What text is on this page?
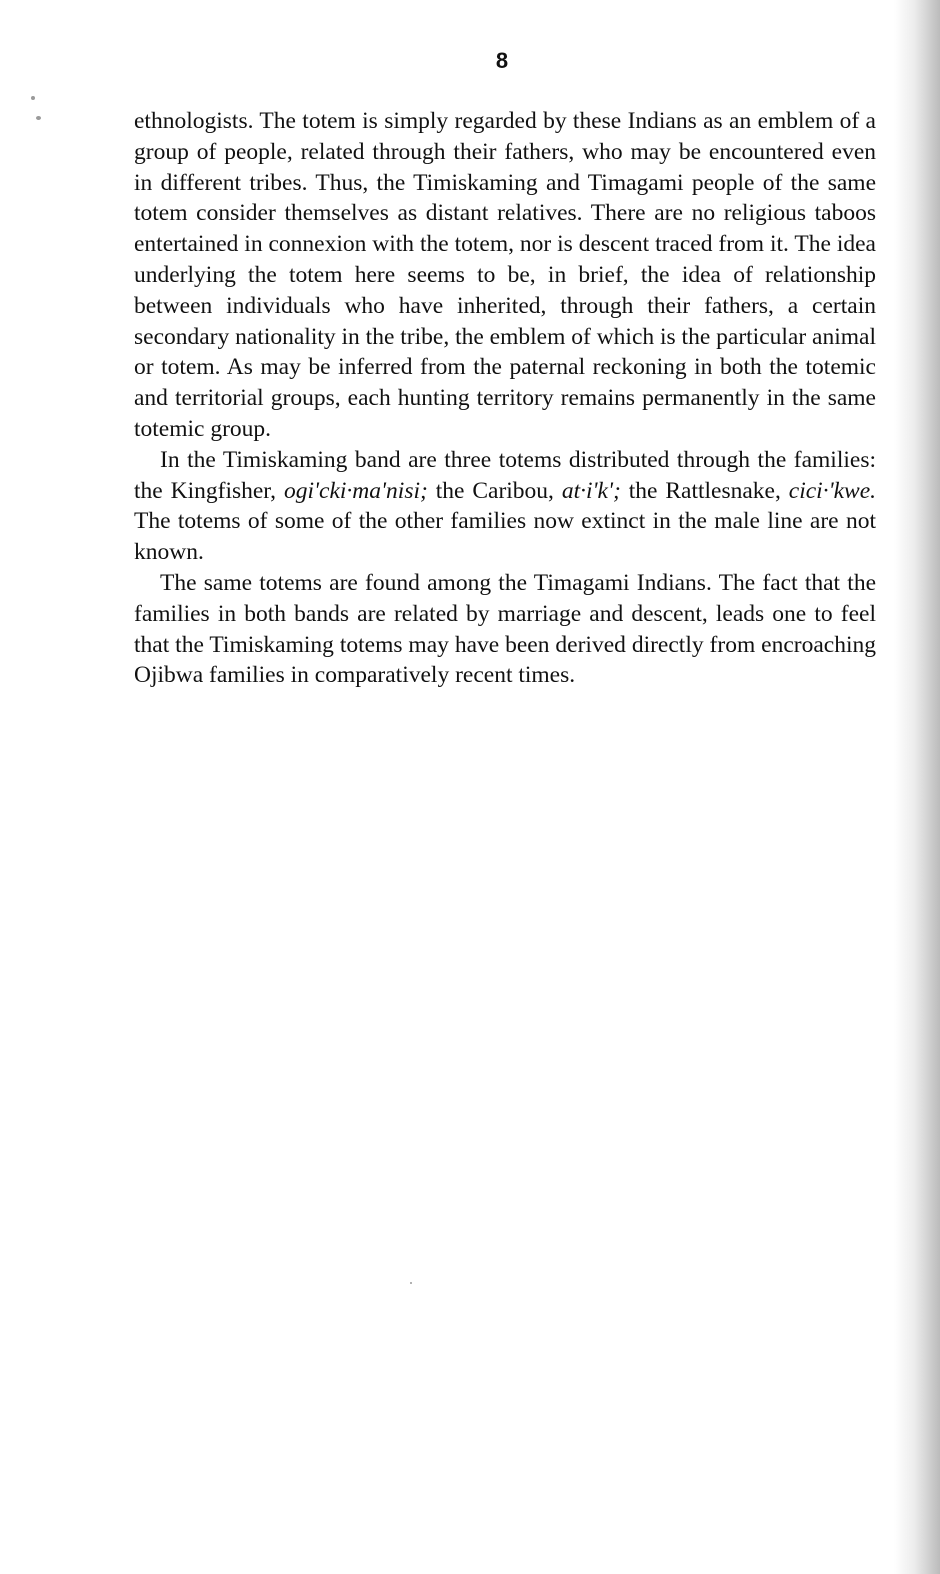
8

ethnologists. The totem is simply regarded by these Indians as an emblem of a group of people, related through their fathers, who may be encountered even in different tribes. Thus, the Timiskaming and Timagami people of the same totem consider themselves as distant relatives. There are no religious taboos entertained in connexion with the totem, nor is descent traced from it. The idea underlying the totem here seems to be, in brief, the idea of relationship between individuals who have inherited, through their fathers, a certain secondary nationality in the tribe, the emblem of which is the particular animal or totem. As may be inferred from the paternal reckoning in both the totemic and territorial groups, each hunting territory remains permanently in the same totemic group.

In the Timiskaming band are three totems distributed through the families: the Kingfisher, ogi'cki·ma'nisi; the Caribou, at·i'k'; the Rattlesnake, cici·'kwe. The totems of some of the other families now extinct in the male line are not known.

The same totems are found among the Timagami Indians. The fact that the families in both bands are related by marriage and descent, leads one to feel that the Timiskaming totems may have been derived directly from encroaching Ojibwa families in comparatively recent times.
